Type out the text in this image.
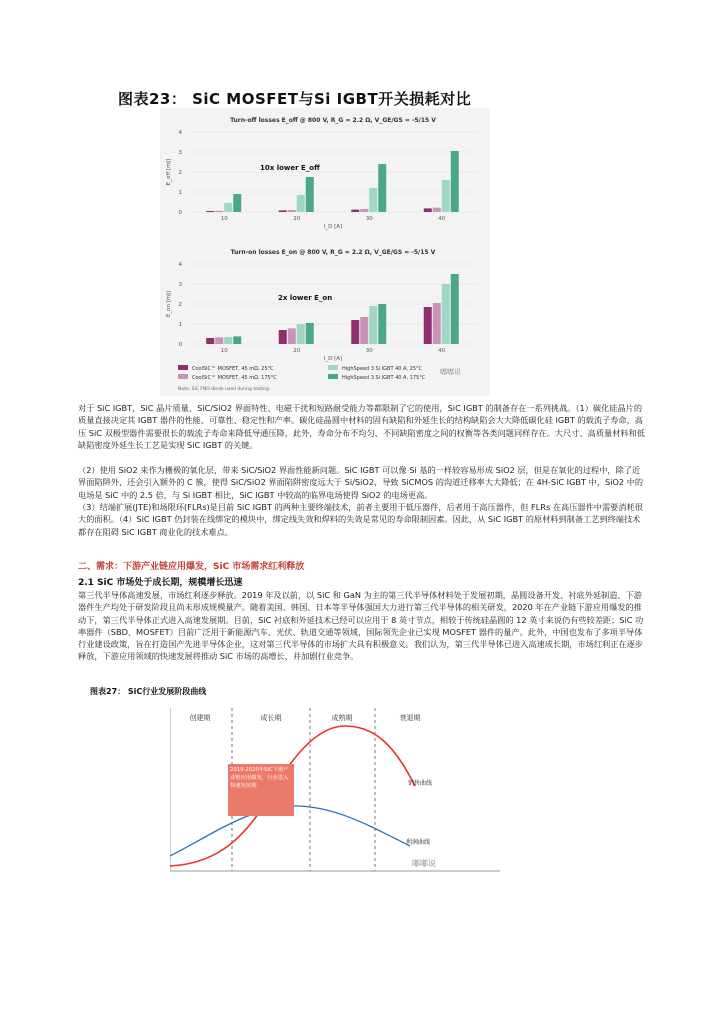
图表23： SiC MOSFET与Si IGBT开关损耗对比
Turn-off losses E_off @ 800 V, R_G = 2.2 Ω, V_GE/GS = -5/15 V
0
1
2
3
4
E_off [mJ]
10	20	30	40
I_D [A]
10x lower E_off
Turn-on losses E_on @ 800 V, R_G = 2.2 Ω, V_GE/GS = -5/15 V
0
1
2
3
4
E_on [mJ]
10	20	30	40
I_D [A]
2x lower E_on
CoolSiC™ MOSFET, 45 mΩ, 25°C
CoolSiC™ MOSFET, 45 mΩ, 175°C
HighSpeed 3 Si IGBT 40 A, 25°C
HighSpeed 3 Si IGBT 40 A, 175°C
Note: SiC FNO diode used during testing
嘟嘟说

对于 SiC IGBT，SiC 晶片质量、SiC/SiO2 界面特性、电磁干扰和短路耐受能力等都限制了它的使用，SiC IGBT 的制备存在一系列挑战。（1）碳化硅晶片的质量直接决定其 IGBT 器件的性能、可靠性、稳定性和产率。碳化硅晶圆中材料的固有缺陷和外延生长的结构缺陷会大大降低碳化硅 IGBT 的载流子寿命，高压 SiC 双极型器件需要很长的载流子寿命来降低导通压降，此外，寿命分布不均匀、不同缺陷密度之间的权衡等各类问题同样存在。大尺寸、高质量材料和低缺陷密度外延生长工艺是实现 SiC IGBT 的关键。

（2）使用 SiO2 来作为栅极的氧化层，带来 SiC/SiO2 界面性能新问题。SiC IGBT 可以像 Si 基的一样较容易形成 SiO2 层，但是在氧化的过程中，除了近界面陷阱外，还会引入额外的 C 簇，使得 SiC/SiO2 界面陷阱密度远大于 Si/SiO2，导致 SiCMOS 的沟道迁移率大大降低；在 4H-SiC IGBT 中，SiO2 中的电场是 SiC 中的 2.5 倍，与 Si IGBT 相比，SiC IGBT 中较高的临界电场使得 SiO2 的电场更高。

（3）结端扩展(JTE)和场限环(FLRs)是目前 SiC IGBT 的两种主要终端技术，前者主要用于低压器件，后者用于高压器件，但 FLRs 在高压器件中需要消耗很大的面积。（4）SiC IGBT 仍封装在线绑定的模块中，绑定线失效和焊料的失效是常见的寿命限制因素。因此，从 SiC IGBT 的原材料到制备工艺到终端技术都存在阻碍 SiC IGBT 商业化的技术难点。

二、需求：下游产业链应用爆发，SiC 市场需求红利释放
2.1 SiC 市场处于成长期，规模增长迅速

第三代半导体高速发展，市场红利逐步释放。2019 年及以前，以 SiC 和 GaN 为主的第三代半导体材料处于发展初期，晶圆设备开发、衬底外延制造、下游器件生产均处于研发阶段且尚未形成规模量产。随着美国、韩国、日本等半导体强国大力进行第三代半导体的相关研发，2020 年在产业链下游应用爆发的推动下，第三代半导体正式进入高速发展期。目前，SiC 衬底和外延技术已经可以应用于 8 英寸节点，相较于传统硅晶圆的 12 英寸来说仍有些较差距；SiC 功率器件（SBD、MOSFET）目前广泛用于新能源汽车、光伏、轨道交通等领域，国际领先企业已实现 MOSFET 器件的量产。此外，中国也发布了多项半导体行业建设政策，旨在打造国产先进半导体企业，这对第三代半导体的市场扩大具有积极意义。我们认为，第三代半导体已进入高速成长期，市场红利正在逐步释放，下游应用领域的快速发展将推动 SiC 市场的高增长，并加剧行业竞争。

图表27： SiC行业发展阶段曲线
创建期	成长期	成熟期	衰退期
2019-2020年SiC下游产业链应用爆发，行业进入快速发展期	销售曲线
利润曲线
嘟嘟说
